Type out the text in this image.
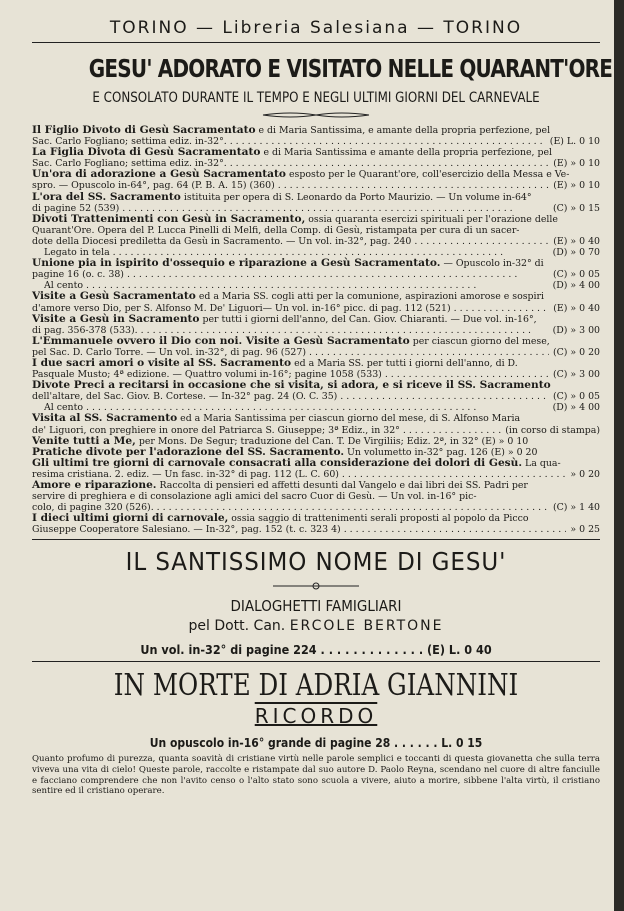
TORINO — Libreria Salesiana — TORINO
GESU' ADORATO E VISITATO NELLE QUARANT'ORE
E CONSOLATO DURANTE IL TEMPO E NEGLI ULTIMI GIORNI DEL CARNEVALE
Il Figlio Divoto di Gesù Sacramentato e di Maria Santissima, e amante della propria perfezione, pel
Sac. Carlo Fogliano; settima ediz. in-32°. . . .	(E) L. 0 10
La Figlia Divota di Gesù Sacramentato e di Maria Santissima e amante della propria perfezione, pel
Sac. Carlo Fogliano; settima ediz. in-32°. . . .	(E) » 0 10
Un'ora di adorazione a Gesù Sacramentato esposto per le Quarant'ore, coll'esercizio della Messa e Ve-
spro. — Opuscolo in-64°, pag. 64 (P. B. A. 15) (360) . . .	(E) » 0 10
L'ora del SS. Sacramento istituita per opera di S. Leonardo da Porto Maurizio. — Un volume in-64°
di pagine 52 (539) . . .	(C) » 0 15
Divoti Trattenimenti con Gesù in Sacramento, ossia quaranta esercizi spirituali per l'orazione delle
Quarant'Ore. Opera del P. Lucca Pinelli di Melfi, della Comp. di Gesù, ristampata per cura di un sacer-
dote della Diocesi prediletta da Gesù in Sacramento. — Un vol. in-32°, pag. 240 . . .	(E) » 0 40
Legato in tela . . .	(D) » 0 70
Unione pia in ispirito d'ossequio e riparazione a Gesù Sacramentato. — Opuscolo in-32° di
pagine 16 (o. c. 38) . . .	(C) » 0 05
Al cento . . .	(D) » 4 00
Visite a Gesù Sacramentato ed a Maria SS. cogli atti per la comunione, aspirazioni amorose e sospiri
d'amore verso Dio, per S. Alfonso M. De' Liguori— Un vol. in-16° picc. di pag. 112 (521) . . .	(E) » 0 40
Visite a Gesù in Sacramento per tutti i giorni dell'anno, del Can. Giov. Chiaranti. — Due vol. in-16°,
di pag. 356-378 (533). . . .	(D) » 3 00
L'Emmanuele ovvero il Dio con noi. Visite a Gesù Sacramentato per ciascun giorno del mese,
pel Sac. D. Carlo Torre. — Un vol. in-32°, di pag. 96 (527) . . .	(C) » 0 20
I due sacri amori o visite al SS. Sacramento ed a Maria SS. per tutti i giorni dell'anno, di D.
Pasquale Musto; 4ª edizione. — Quattro volumi in-16°; pagine 1058 (533) . . .	(C) » 3 00
Divote Preci a recitarsi in occasione che si visita, si adora, e si riceve il SS. Sacramento
dell'altare, del Sac. Giov. B. Cortese. — In-32° pag. 24 (O. C. 35) . . .	(C) » 0 05
Al cento . . .	(D) » 4 00
Visita al SS. Sacramento ed a Maria Santissima per ciascun giorno del mese, di S. Alfonso Maria
de' Liguori, con preghiere in onore del Patriarca S. Giuseppe; 3ª Ediz., in 32° . . .	(in corso di stampa)
Venite tutti a Me, per Mons. De Segur; traduzione del Can. T. De Virgiliis; Ediz. 2ª, in 32° (E) » 0 10
Pratiche divote per l'adorazione del SS. Sacramento. Un volumetto in-32° pag. 126 (E) » 0 20
Gli ultimi tre giorni di carnovale consacrati alla considerazione dei dolori di Gesù. La qua-
resima cristiana. 2. ediz. — Un fasc. in-32° di pag. 112 (L. C. 60) . . .	» 0 20
Amore e riparazione. Raccolta di pensieri ed affetti desunti dal Vangelo e dai libri dei SS. Padri per
servire di preghiera e di consolazione agli amici del sacro Cuor di Gesù. — Un vol. in-16° pic-
colo, di pagine 320 (526). . . .	(C) » 1 40
I dieci ultimi giorni di carnovale, ossia saggio di trattenimenti serali proposti al popolo da Picco
Giuseppe Cooperatore Salesiano. — In-32°, pag. 152 (t. c. 323 4) . . .	» 0 25
IL SANTISSIMO NOME DI GESU'
DIALOGHETTI FAMIGLIARI
pel Dott. Can. ERCOLE BERTONE
Un vol. in-32° di pagine 224 . . . . . . . . . . . . . (E) L. 0 40
IN MORTE DI ADRIA GIANNINI
RICORDO
Un opuscolo in-16° grande di pagine 28 . . . . . . L. 0 15
Quanto profumo di purezza, quanta soavità di cristiane virtù nelle parole semplici e toccanti di questa giovanetta che sulla terra viveva una vita di cielo! Queste parole, raccolte e ristampate dal suo autore D. Paolo Reyna, scendano nel cuore di altre fanciulle e facciano comprendere che non l'avito censo o l'alto stato sono scuola a vivere, aiuto a morire, sibbene l'alta virtù, il cristiano sentire ed il cristiano operare.
